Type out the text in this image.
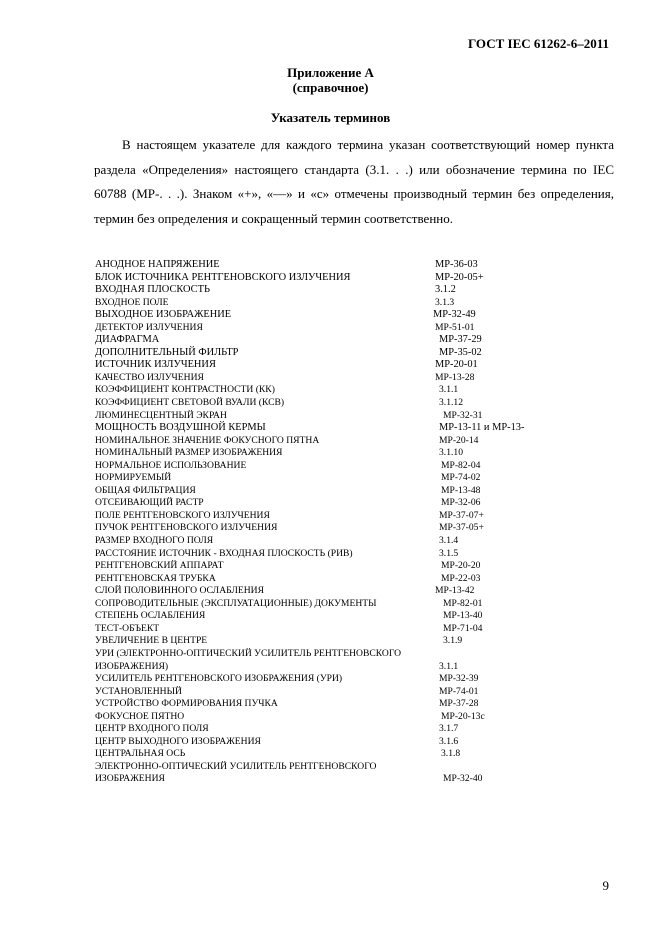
ГОСТ IEC 61262-6–2011
Приложение А
(справочное)
Указатель терминов

В настоящем указателе для каждого термина указан соответствующий номер пункта раздела «Определения» настоящего стандарта (3.1. . .) или обозначение термина по IEC 60788 (МР-. . .). Знаком «+», «—» и «с» отмечены производный термин без определения, термин без определения и сокращенный термин соответственно.

АНОДНОЕ НАПРЯЖЕНИЕ	МР-36-03
БЛОК ИСТОЧНИКА РЕНТГЕНОВСКОГО ИЗЛУЧЕНИЯ	МР-20-05+
ВХОДНАЯ ПЛОСКОСТЬ	3.1.2
ВХОДНОЕ ПОЛЕ	3.1.3
ВЫХОДНОЕ ИЗОБРАЖЕНИЕ	МР-32-49
ДЕТЕКТОР ИЗЛУЧЕНИЯ	МР-51-01
ДИАФРАГМА	МР-37-29
ДОПОЛНИТЕЛЬНЫЙ ФИЛЬТР	МР-35-02
ИСТОЧНИК ИЗЛУЧЕНИЯ	МР-20-01
КАЧЕСТВО ИЗЛУЧЕНИЯ	МР-13-28
КОЭФФИЦИЕНТ КОНТРАСТНОСТИ (КК)	3.1.1
КОЭФФИЦИЕНТ СВЕТОВОЙ ВУАЛИ (КСВ)	3.1.12
ЛЮМИНЕСЦЕНТНЫЙ ЭКРАН	МР-32-31
МОЩНОСТЬ ВОЗДУШНОЙ КЕРМЫ	МР-13-11 и МР-13-
НОМИНАЛЬНОЕ ЗНАЧЕНИЕ ФОКУСНОГО ПЯТНА	МР-20-14
НОМИНАЛЬНЫЙ РАЗМЕР ИЗОБРАЖЕНИЯ	3.1.10
НОРМАЛЬНОЕ ИСПОЛЬЗОВАНИЕ	МР-82-04
НОРМИРУЕМЫЙ	МР-74-02
ОБЩАЯ ФИЛЬТРАЦИЯ	МР-13-48
ОТСЕИВАЮЩИЙ РАСТР	МР-32-06
ПОЛЕ РЕНТГЕНОВСКОГО ИЗЛУЧЕНИЯ	МР-37-07+
ПУЧОК РЕНТГЕНОВСКОГО ИЗЛУЧЕНИЯ	МР-37-05+
РАЗМЕР ВХОДНОГО ПОЛЯ	3.1.4
РАССТОЯНИЕ ИСТОЧНИК - ВХОДНАЯ ПЛОСКОСТЬ (РИВ)	3.1.5
РЕНТГЕНОВСКИЙ АППАРАТ	МР-20-20
РЕНТГЕНОВСКАЯ ТРУБКА	МР-22-03
СЛОЙ ПОЛОВИННОГО ОСЛАБЛЕНИЯ	МР-13-42
СОПРОВОДИТЕЛЬНЫЕ (ЭКСПЛУАТАЦИОННЫЕ) ДОКУМЕНТЫ	МР-82-01
СТЕПЕНЬ ОСЛАБЛЕНИЯ	МР-13-40
ТЕСТ-ОБЪЕКТ	МР-71-04
УВЕЛИЧЕНИЕ В ЦЕНТРЕ	3.1.9
УРИ (ЭЛЕКТРОННО-ОПТИЧЕСКИЙ УСИЛИТЕЛЬ РЕНТГЕНОВСКОГО
ИЗОБРАЖЕНИЯ)	3.1.1
УСИЛИТЕЛЬ РЕНТГЕНОВСКОГО ИЗОБРАЖЕНИЯ (УРИ)	МР-32-39
УСТАНОВЛЕННЫЙ	МР-74-01
УСТРОЙСТВО ФОРМИРОВАНИЯ ПУЧКА	МР-37-28
ФОКУСНОЕ ПЯТНО	МР-20-13с
ЦЕНТР ВХОДНОГО ПОЛЯ	3.1.7
ЦЕНТР ВЫХОДНОГО ИЗОБРАЖЕНИЯ	3.1.6
ЦЕНТРАЛЬНАЯ ОСЬ	3.1.8
ЭЛЕКТРОННО-ОПТИЧЕСКИЙ УСИЛИТЕЛЬ РЕНТГЕНОВСКОГО
ИЗОБРАЖЕНИЯ	МР-32-40
9
